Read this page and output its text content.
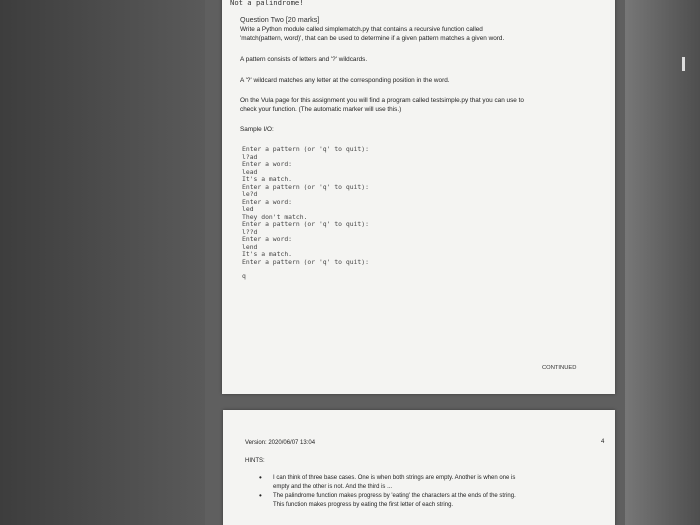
Not a palindrome!
Question Two [20 marks]
Write a Python module called simplematch.py that contains a recursive function called
'match(pattern, word)', that can be used to determine if a given pattern matches a given word.
A pattern consists of letters and '?' wildcards.
A '?' wildcard matches any letter at the corresponding position in the word.
On the Vula page for this assignment you will find a program called testsimple.py that you can use to
check your function. (The automatic marker will use this.)
Sample I/O:
Enter a pattern (or 'q' to quit):
l?ad
Enter a word:
lead
It's a match.
Enter a pattern (or 'q' to quit):
le?d
Enter a word:
led
They don't match.
Enter a pattern (or 'q' to quit):
l??d
Enter a word:
lend
It's a match.
Enter a pattern (or 'q' to quit):
q
CONTINUED
Version: 2020/06/07 13:04	4
HINTS:
• I can think of three base cases. One is when both strings are empty. Another is when one is
empty and the other is not. And the third is ...
• The palindrome function makes progress by 'eating' the characters at the ends of the string.
This function makes progress by eating the first letter of each string.
